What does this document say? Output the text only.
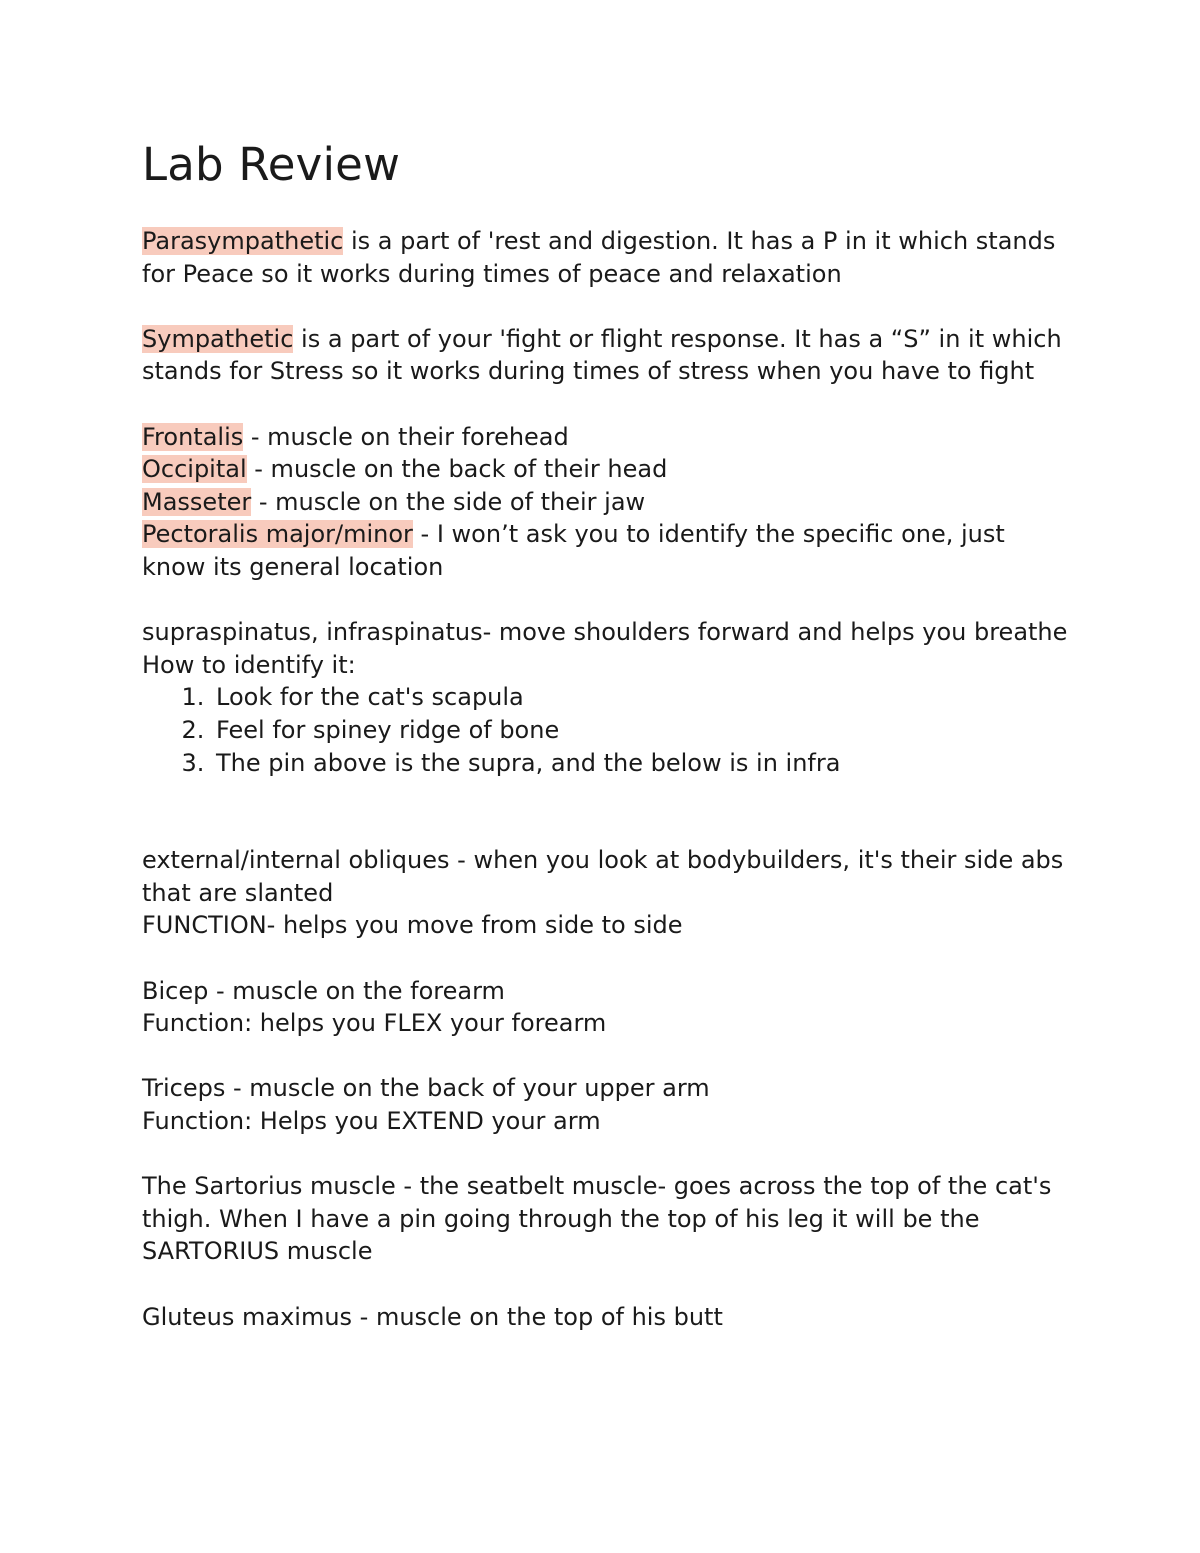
Lab Review

Parasympathetic is a part of 'rest and digestion. It has a P in it which stands for Peace so it works during times of peace and relaxation

Sympathetic is a part of your 'fight or flight response. It has a “S” in it which stands for Stress so it works during times of stress when you have to fight

Frontalis - muscle on their forehead

Occipital - muscle on the back of their head

Masseter - muscle on the side of their jaw

Pectoralis major/minor - I won’t ask you to identify the specific one, just know its general location

supraspinatus, infraspinatus- move shoulders forward and helps you breathe

How to identify it:

1. Look for the cat's scapula
2. Feel for spiney ridge of bone
3. The pin above is the supra, and the below is in infra

external/internal obliques - when you look at bodybuilders, it's their side abs that are slanted

FUNCTION- helps you move from side to side

Bicep - muscle on the forearm

Function: helps you FLEX your forearm

Triceps - muscle on the back of your upper arm

Function: Helps you EXTEND your arm

The Sartorius muscle - the seatbelt muscle- goes across the top of the cat's thigh. When I have a pin going through the top of his leg it will be the SARTORIUS muscle

Gluteus maximus - muscle on the top of his butt
